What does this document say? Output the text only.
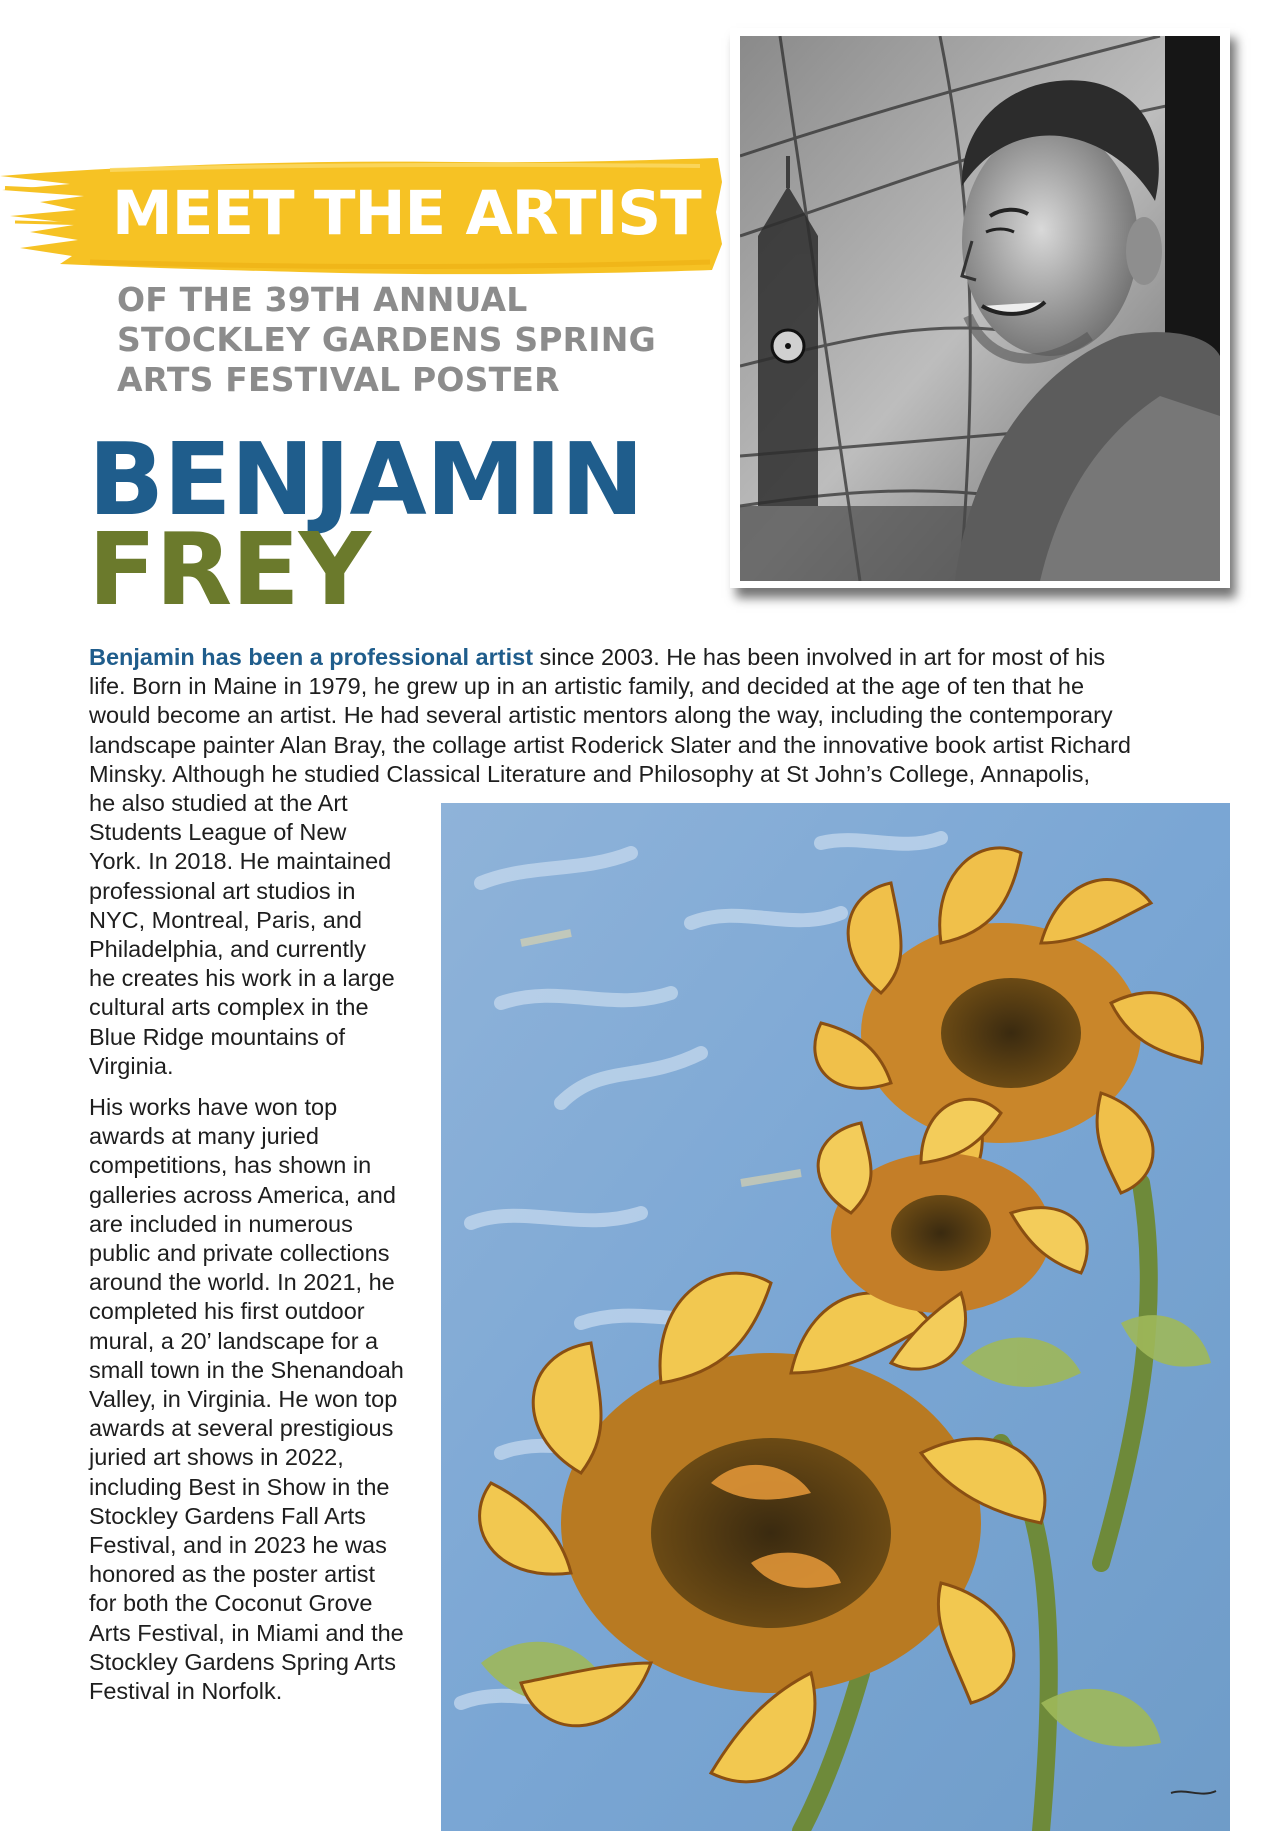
MEET THE ARTIST
OF THE 39TH ANNUAL
STOCKLEY GARDENS SPRING
ARTS FESTIVAL POSTER
BENJAMIN
FREY
Benjamin has been a professional artist since 2003. He has been involved in art for most of his
life. Born in Maine in 1979, he grew up in an artistic family, and decided at the age of ten that he
would become an artist. He had several artistic mentors along the way, including the contemporary
landscape painter Alan Bray, the collage artist Roderick Slater and the innovative book artist Richard
Minsky. Although he studied Classical Literature and Philosophy at St John’s College, Annapolis,
he also studied at the Art
Students League of New
York. In 2018. He maintained
professional art studios in
NYC, Montreal, Paris, and
Philadelphia, and currently
he creates his work in a large
cultural arts complex in the
Blue Ridge mountains of
Virginia.
His works have won top
awards at many juried
competitions, has shown in
galleries across America, and
are included in numerous
public and private collections
around the world. In 2021, he
completed his first outdoor
mural, a 20’ landscape for a
small town in the Shenandoah
Valley, in Virginia. He won top
awards at several prestigious
juried art shows in 2022,
including Best in Show in the
Stockley Gardens Fall Arts
Festival, and in 2023 he was
honored as the poster artist
for both the Coconut Grove
Arts Festival, in Miami and the
Stockley Gardens Spring Arts
Festival in Norfolk.
